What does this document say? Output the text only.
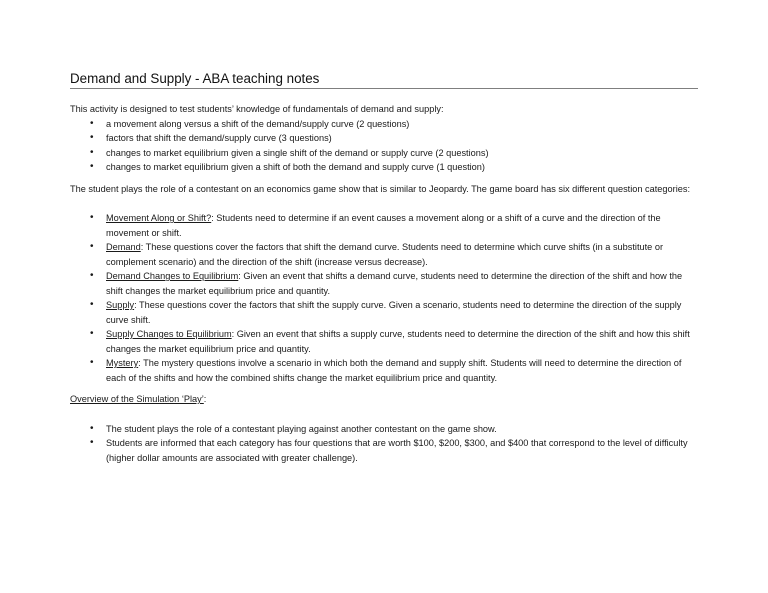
Demand and Supply - ABA teaching notes

This activity is designed to test students’ knowledge of fundamentals of demand and supply:

• a movement along versus a shift of the demand/supply curve (2 questions)
• factors that shift the demand/supply curve (3 questions)
• changes to market equilibrium given a single shift of the demand or supply curve (2 questions)
• changes to market equilibrium given a shift of both the demand and supply curve (1 question)

The student plays the role of a contestant on an economics game show that is similar to Jeopardy. The game board has six different question categories:

• Movement Along or Shift?: Students need to determine if an event causes a movement along or a shift of a curve and the direction of the movement or shift.
• Demand: These questions cover the factors that shift the demand curve. Students need to determine which curve shifts (in a substitute or complement scenario) and the direction of the shift (increase versus decrease).
• Demand Changes to Equilibrium: Given an event that shifts a demand curve, students need to determine the direction of the shift and how the shift changes the market equilibrium price and quantity.
• Supply: These questions cover the factors that shift the supply curve. Given a scenario, students need to determine the direction of the supply curve shift.
• Supply Changes to Equilibrium: Given an event that shifts a supply curve, students need to determine the direction of the shift and how this shift changes the market equilibrium price and quantity.
• Mystery: The mystery questions involve a scenario in which both the demand and supply shift. Students will need to determine the direction of each of the shifts and how the combined shifts change the market equilibrium price and quantity.

Overview of the Simulation ‘Play’:

• The student plays the role of a contestant playing against another contestant on the game show.
• Students are informed that each category has four questions that are worth $100, $200, $300, and $400 that correspond to the level of difficulty (higher dollar amounts are associated with greater challenge).
